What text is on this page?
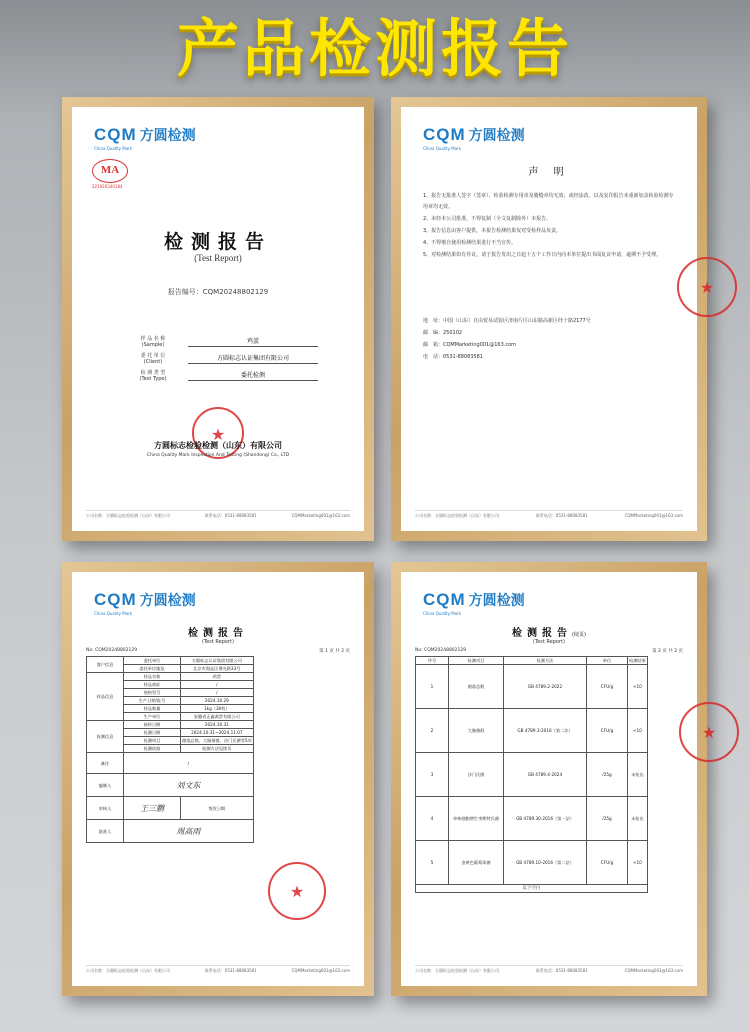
产品检测报告
CQM 方圆检测
China Quality Mark
MA
221920340184
检测报告
(Test Report)
报告编号：CQM20248802129
样 品 名 称
(Sample)	鸡蛋
委 托 单 位
(Client)	方圆标志认证集团有限公司
检 测 类 型
(Test Type)	委托检测
★
方圆标志检验检测（山东）有限公司
China Quality Mark Inspection And Testing (Shandong) Co., LTD
公司名称：方圆标志检验检测（山东）有限公司	联系电话：0531-88083581	CQMMarketing001@163.com
CQM 方圆检测
China Quality Mark
声 明

1、报告无批准人签字（签章）、检验检测专用章及骑缝章均无效；或经涂改，以及复印报告未重新加盖检验检测专用章均无效。

2、未经本公司批准，不得复制（全文复制除外）本报告。

3、报告信息由客户提供，本报告检测结果仅对受检样品负责。

4、不得擅自使用检测结果进行不当宣传。

5、对检测结果如有异议，请于报告发出之日起十五个工作日内向本单位提出书面复议申请，逾期不予受理。

地　址：中国（山东）自由贸易试验区济南片区山东路高新区经十路2177号
邮　编：250102
邮　箱：CQMMarketing001@163.com
电　话：0531-88083581
★
公司名称：方圆标志检验检测（山东）有限公司	联系电话：0531-88083581	CQMMarketing001@163.com
CQM 方圆检测
China Quality Mark
检测报告
(Test Report)
No: CQM20248802129	第 1 页 共 2 页
客户信息	委托单位	方圆标志认证集团有限公司
	委托单位地址	北京市海淀区增光路33号
样品信息	样品名称	鸡蛋
	样品商标	/
	规格型号	/
	生产日期/批号	2024.10.29
	样品数量	1kg（30枚）
	生产单位	安徽省正鑫禽蛋有限公司
检测信息	接样日期	2024.10.31
	检测日期	2024.10.31~2024.11.07
	检测项目	菌落总数、大肠菌群、沙门氏菌等5项
	检测依据	检测方法见续页
备注	/	
编制人	刘文东	
审核人	王三鹏	签发日期
批准人	周高雨	
★
公司名称：方圆标志检验检测（山东）有限公司	联系电话：0531-88083581	CQMMarketing001@163.com
CQM 方圆检测
China Quality Mark
检测报告(续页)
(Test Report)
No: CQM20248802129	第 2 页 共 2 页
序号	检测项目	检测方法	单位	检测结果
1	菌落总数	GB 4789.2-2022	CFU/g	<10
2	大肠菌群	GB 4789.3-2016（第二法）	CFU/g	<10
3	沙门氏菌	GB 4789.4-2024	/25g	未检出
4	单核细胞增生李斯特氏菌	GB 4789.30-2016（第一法）	/25g	未检出
5	金黄色葡萄球菌	GB 4789.10-2016（第二法）	CFU/g	<10
以下空白				
★
公司名称：方圆标志检验检测（山东）有限公司	联系电话：0531-88083581	CQMMarketing001@163.com
